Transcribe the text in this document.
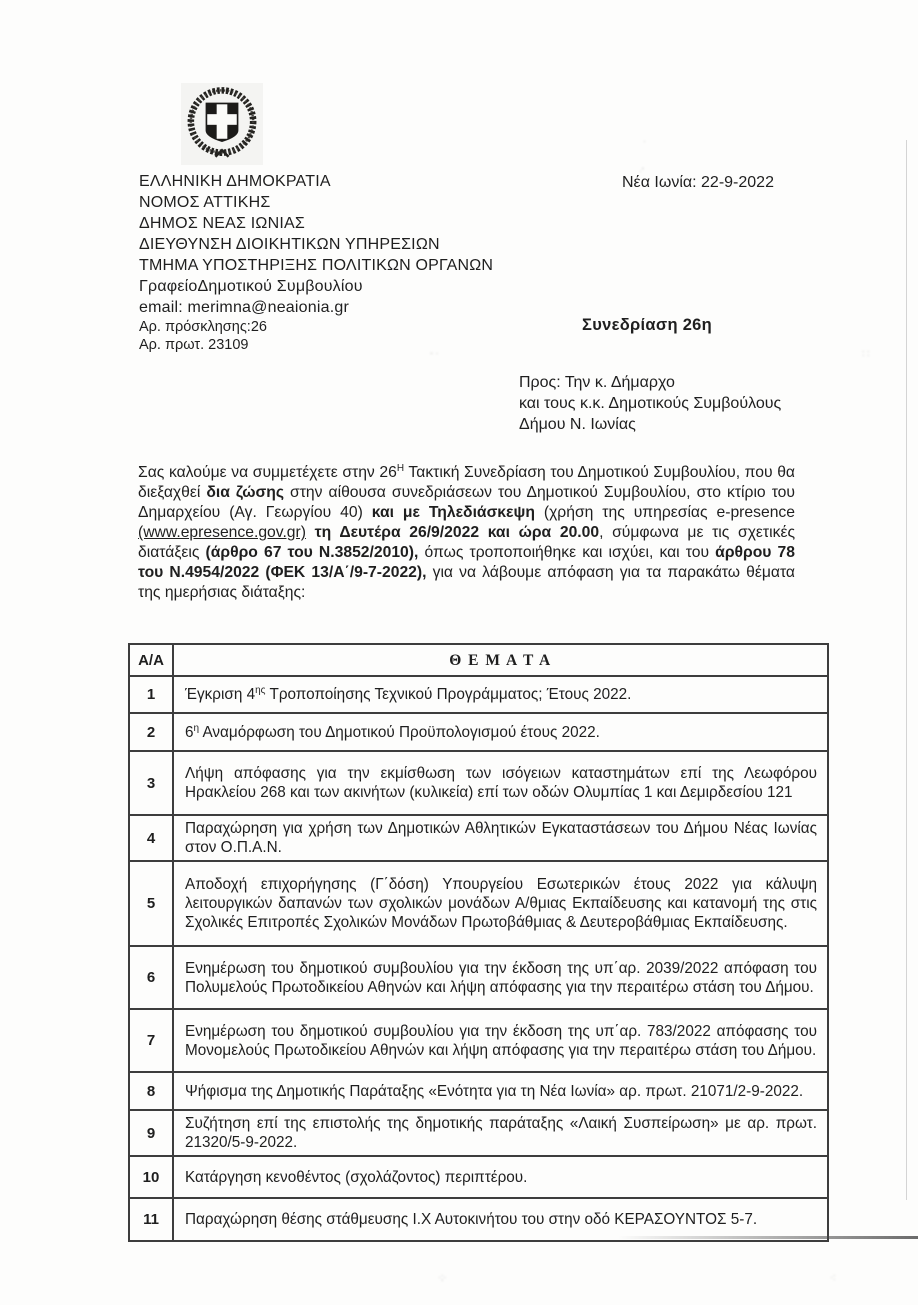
ΕΛΛΗΝΙΚΗ ΔΗΜΟΚΡΑΤΙΑ
ΝΟΜΟΣ ΑΤΤΙΚΗΣ
ΔΗΜΟΣ ΝΕΑΣ ΙΩΝΙΑΣ
ΔΙΕΥΘΥΝΣΗ ΔΙΟΙΚΗΤΙΚΩΝ ΥΠΗΡΕΣΙΩΝ
ΤΜΗΜΑ ΥΠΟΣΤΗΡΙΞΗΣ ΠΟΛΙΤΙΚΩΝ ΟΡΓΑΝΩΝ
ΓραφείοΔημοτικού Συμβουλίου
email: merimna@neaionia.gr
Αρ. πρόσκλησης:26
Αρ. πρωτ. 23109
Νέα Ιωνία: 22-9-2022
Συνεδρίαση 26η
Προς: Την κ. Δήμαρχο
και τους κ.κ. Δημοτικούς Συμβούλους
Δήμου Ν. Ιωνίας
Σας καλούμε να συμμετέχετε στην $26^H$ Τακτική Συνεδρίαση του Δημοτικού Συμβουλίου, που θα διεξαχθεί δια ζώσης στην αίθουσα συνεδριάσεων του Δημοτικού Συμβουλίου, στο κτίριο του Δημαρχείου (Αγ. Γεωργίου 40) και με Τηλεδιάσκεψη (χρήση της υπηρεσίας e-presence (www.epresence.gov.gr) τη Δευτέρα 26/9/2022 και ώρα 20.00, σύμφωνα με τις σχετικές διατάξεις (άρθρο 67 του Ν.3852/2010), όπως τροποποιήθηκε και ισχύει, και του άρθρου 78 του Ν.4954/2022 (ΦΕΚ 13/Α΄/9-7-2022), για να λάβουμε απόφαση για τα παρακάτω θέματα της ημερήσιας διάταξης:
Α/Α	Θ Ε Μ Α Τ Α
1	Έγκριση $4^{\eta\varsigma}$ Τροποποίησης Τεχνικού Προγράμματος; Έτους 2022.
2	$6^\eta$ Αναμόρφωση του Δημοτικού Προϋπολογισμού έτους 2022.
3	Λήψη απόφασης για την εκμίσθωση των ισόγειων καταστημάτων επί της Λεωφόρου Ηρακλείου 268 και των ακινήτων (κυλικεία) επί των οδών Ολυμπίας 1 και Δεμιρδεσίου 121
4	Παραχώρηση για χρήση των Δημοτικών Αθλητικών Εγκαταστάσεων του Δήμου Νέας Ιωνίας στον Ο.Π.Α.Ν.
5	Αποδοχή επιχορήγησης (Γ΄δόση) Υπουργείου Εσωτερικών έτους 2022 για κάλυψη λειτουργικών δαπανών των σχολικών μονάδων Α/θμιας Εκπαίδευσης και κατανομή της στις Σχολικές Επιτροπές Σχολικών Μονάδων Πρωτοβάθμιας & Δευτεροβάθμιας Εκπαίδευσης.
6	Ενημέρωση του δημοτικού συμβουλίου για την έκδοση της υπ΄αρ. 2039/2022 απόφαση του Πολυμελούς Πρωτοδικείου Αθηνών και λήψη απόφασης για την περαιτέρω στάση του Δήμου.
7	Ενημέρωση του δημοτικού συμβουλίου για την έκδοση της υπ΄αρ. 783/2022 απόφασης του Μονομελούς Πρωτοδικείου Αθηνών και λήψη απόφασης για την περαιτέρω στάση του Δήμου.
8	Ψήφισμα της Δημοτικής Παράταξης «Ενότητα για τη Νέα Ιωνία» αρ. πρωτ. 21071/2-9-2022.
9	Συζήτηση επί της επιστολής της δημοτικής παράταξης «Λαική Συσπείρωση» με αρ. πρωτ. 21320/5-9-2022.
10	Κατάργηση κενοθέντος (σχολάζοντος) περιπτέρου.
11	Παραχώρηση θέσης στάθμευσης Ι.Χ Αυτοκινήτου του στην οδό ΚΕΡΑΣΟΥΝΤΟΣ 5-7.
·
·'
- ·	: :
·;·	·:
